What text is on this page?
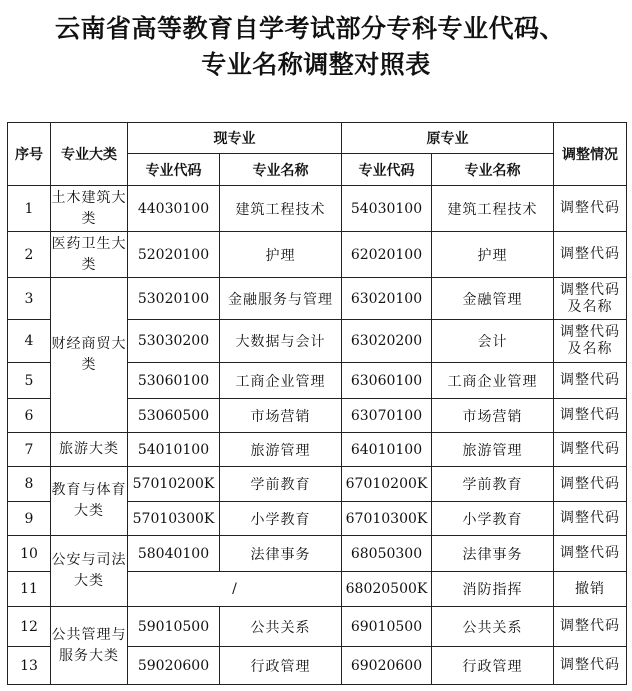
云南省高等教育自学考试部分专科专业代码、
专业名称调整对照表
序号	专业大类	现专业		原专业		调整情况
		专业代码	专业名称	专业代码	专业名称	
1	土木建筑大类	44030100	建筑工程技术	54030100	建筑工程技术	调整代码
2	医药卫生大类	52020100	护理	62020100	护理	调整代码
3	财经商贸大类	53020100	金融服务与管理	63020100	金融管理	调整代码及名称
4		53030200	大数据与会计	63020200	会计	调整代码及名称
5		53060100	工商企业管理	63060100	工商企业管理	调整代码
6		53060500	市场营销	63070100	市场营销	调整代码
7	旅游大类	54010100	旅游管理	64010100	旅游管理	调整代码
8	教育与体育大类	57010200K	学前教育	67010200K	学前教育	调整代码
9		57010300K	小学教育	67010300K	小学教育	调整代码
10	公安与司法大类	58040100	法律事务	68050300	法律事务	调整代码
11		/		68020500K	消防指挥	撤销
12	公共管理与服务大类	59010500	公共关系	69010500	公共关系	调整代码
13		59020600	行政管理	69020600	行政管理	调整代码
